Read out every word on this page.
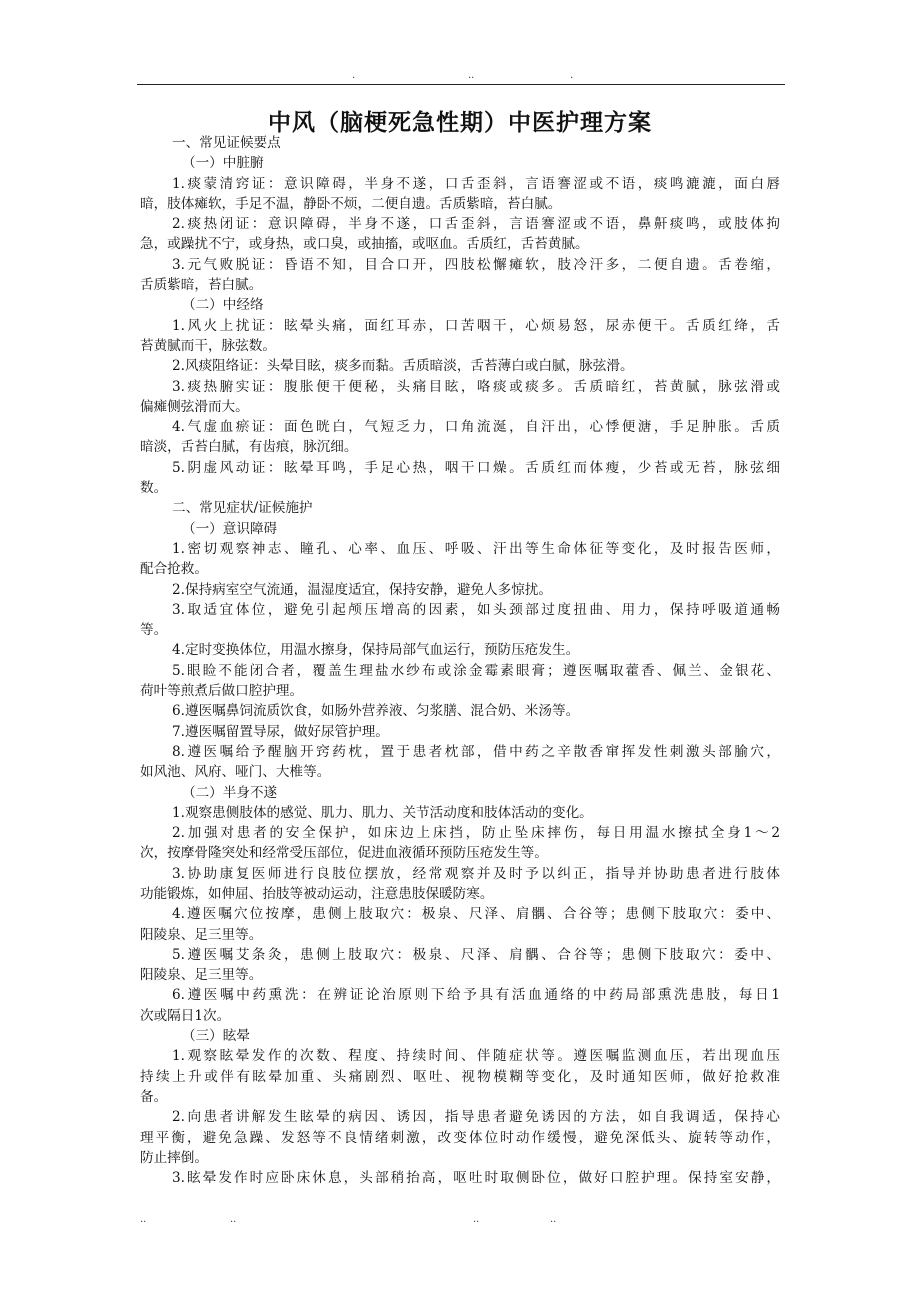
.	..	.
中风（脑梗死急性期）中医护理方案
一、常见证候要点
（一）中脏腑
1.痰蒙清窍证：意识障碍，半身不遂，口舌歪斜，言语謇涩或不语，痰鸣漉漉，面白唇
暗，肢体瘫软，手足不温，静卧不烦，二便自遗。舌质紫暗，苔白腻。
2.痰热闭证：意识障碍，半身不遂，口舌歪斜，言语謇涩或不语，鼻鼾痰鸣，或肢体拘
急，或躁扰不宁，或身热，或口臭，或抽搐，或呕血。舌质红，舌苔黄腻。
3.元气败脱证：昏语不知，目合口开，四肢松懈瘫软，肢冷汗多，二便自遗。舌卷缩，
舌质紫暗，苔白腻。
（二）中经络
1.风火上扰证：眩晕头痛，面红耳赤，口苦咽干，心烦易怒，尿赤便干。舌质红绛，舌
苔黄腻而干，脉弦数。
2.风痰阻络证：头晕目眩，痰多而黏。舌质暗淡，舌苔薄白或白腻，脉弦滑。
3.痰热腑实证：腹胀便干便秘，头痛目眩，咯痰或痰多。舌质暗红，苔黄腻，脉弦滑或
偏瘫侧弦滑而大。
4.气虚血瘀证：面色晄白，气短乏力，口角流涎，自汗出，心悸便溏，手足肿胀。舌质
暗淡，舌苔白腻，有齿痕，脉沉细。
5.阴虚风动证：眩晕耳鸣，手足心热，咽干口燥。舌质红而体瘦，少苔或无苔，脉弦细
数。
二、常见症状/证候施护
（一）意识障碍
1.密切观察神志、瞳孔、心率、血压、呼吸、汗出等生命体征等变化，及时报告医师，
配合抢救。
2.保持病室空气流通，温湿度适宜，保持安静，避免人多惊扰。
3.取适宜体位，避免引起颅压增高的因素，如头颈部过度扭曲、用力，保持呼吸道通畅
等。
4.定时变换体位，用温水擦身，保持局部气血运行，预防压疮发生。
5.眼睑不能闭合者，覆盖生理盐水纱布或涂金霉素眼膏；遵医嘱取藿香、佩兰、金银花、
荷叶等煎煮后做口腔护理。
6.遵医嘱鼻饲流质饮食，如肠外营养液、匀浆膳、混合奶、米汤等。
7.遵医嘱留置导尿，做好尿管护理。
8.遵医嘱给予醒脑开窍药枕，置于患者枕部，借中药之辛散香窜挥发性刺激头部腧穴，
如风池、风府、哑门、大椎等。
（二）半身不遂
1.观察患侧肢体的感觉、肌力、肌力、关节活动度和肢体活动的变化。
2.加强对患者的安全保护，如床边上床挡，防止坠床摔伤，每日用温水擦拭全身1～2
次，按摩骨隆突处和经常受压部位，促进血液循环预防压疮发生等。
3.协助康复医师进行良肢位摆放，经常观察并及时予以纠正，指导并协助患者进行肢体
功能锻炼，如伸屈、抬肢等被动运动，注意患肢保暖防寒。
4.遵医嘱穴位按摩，患侧上肢取穴：极泉、尺泽、肩髃、合谷等；患侧下肢取穴：委中、
阳陵泉、足三里等。
5.遵医嘱艾条灸，患侧上肢取穴：极泉、尺泽、肩髃、合谷等；患侧下肢取穴：委中、
阳陵泉、足三里等。
6.遵医嘱中药熏洗：在辨证论治原则下给予具有活血通络的中药局部熏洗患肢，每日1
次或隔日1次。
（三）眩晕
1.观察眩晕发作的次数、程度、持续时间、伴随症状等。遵医嘱监测血压，若出现血压
持续上升或伴有眩晕加重、头痛剧烈、呕吐、视物模糊等变化，及时通知医师，做好抢救准
备。
2.向患者讲解发生眩晕的病因、诱因，指导患者避免诱因的方法，如自我调适，保持心
理平衡，避免急躁、发怒等不良情绪刺激，改变体位时动作缓慢，避免深低头、旋转等动作，
防止摔倒。
3.眩晕发作时应卧床休息，头部稍抬高，呕吐时取侧卧位，做好口腔护理。保持室安静，
..	..	..	..
